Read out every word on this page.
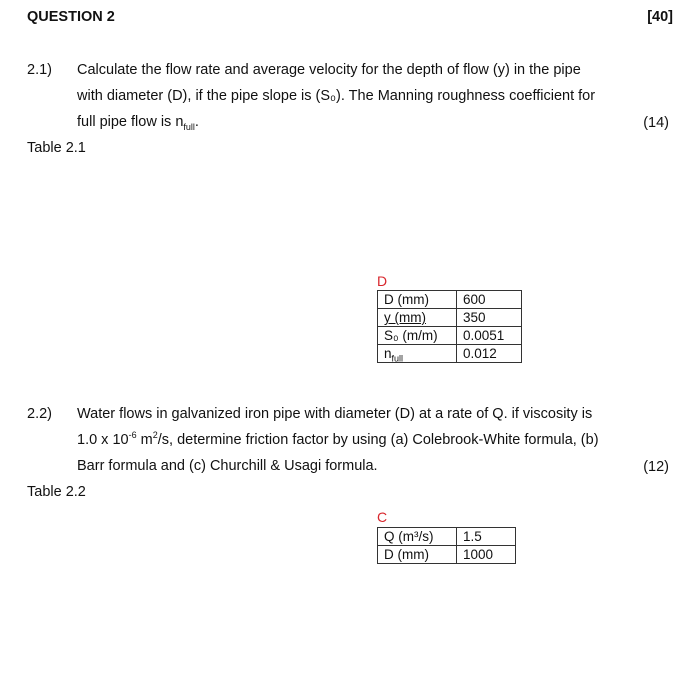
QUESTION 2	[40]
2.1) Calculate the flow rate and average velocity for the depth of flow (y) in the pipe
with diameter (D), if the pipe slope is (S₀). The Manning roughness coefficient for
full pipe flow is $n_{full}$.	(14)
Table 2.1
D
D (mm)	600
y (mm)	350
S₀ (m/m)	0.0051
$n_{full}$	0.012
2.2) Water flows in galvanized iron pipe with diameter (D) at a rate of Q. if viscosity is
1.0 x $10^{-6}$ $m^2/s$, determine friction factor by using (a) Colebrook-White formula, (b)
Barr formula and (c) Churchill & Usagi formula.	(12)
Table 2.2
C
Q (m³/s)	1.5
D (mm)	1000
